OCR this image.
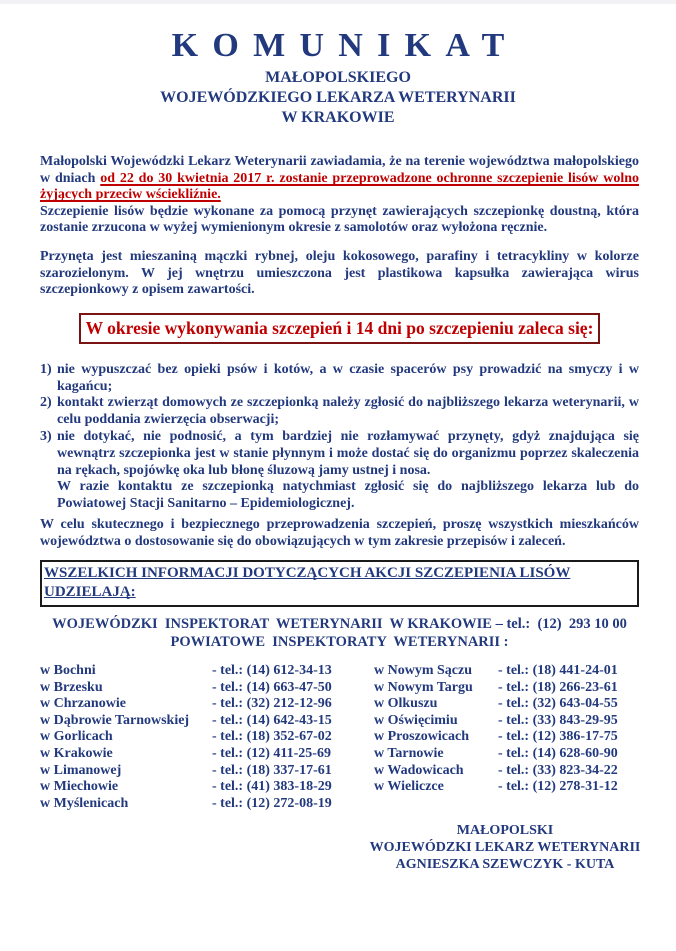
KOMUNIKAT
MAŁOPOLSKIEGO
WOJEWÓDZKIEGO LEKARZA WETERYNARII
W KRAKOWIE
Małopolski Wojewódzki Lekarz Weterynarii zawiadamia, że na terenie województwa małopolskiego w dniach od 22 do 30 kwietnia 2017 r. zostanie przeprowadzone ochronne szczepienie lisów wolno żyjących przeciw wściekliźnie.
Szczepienie lisów będzie wykonane za pomocą przynęt zawierających szczepionkę doustną, która zostanie zrzucona w wyżej wymienionym okresie z samolotów oraz wyłożona ręcznie.

Przynęta jest mieszaniną mączki rybnej, oleju kokosowego, parafiny i tetracykliny w kolorze szarozielonym. W jej wnętrzu umieszczona jest plastikowa kapsułka zawierająca wirus szczepionkowy z opisem zawartości.

W okresie wykonywania szczepień i 14 dni po szczepieniu zaleca się:
1) nie wypuszczać bez opieki psów i kotów, a w czasie spacerów psy prowadzić na smyczy i w kagańcu;
2) kontakt zwierząt domowych ze szczepionką należy zgłosić do najbliższego lekarza weterynarii, w celu poddania zwierzęcia obserwacji;
3) nie dotykać, nie podnosić, a tym bardziej nie rozłamywać przynęty, gdyż znajdująca się wewnątrz szczepionka jest w stanie płynnym i może dostać się do organizmu poprzez skaleczenia na rękach, spojówkę oka lub błonę śluzową jamy ustnej i nosa.
W razie kontaktu ze szczepionką natychmiast zgłosić się do najbliższego lekarza lub do Powiatowej Stacji Sanitarno – Epidemiologicznej.

W celu skutecznego i bezpiecznego przeprowadzenia szczepień, proszę wszystkich mieszkańców województwa o dostosowanie się do obowiązujących w tym zakresie przepisów i zaleceń.

WSZELKICH INFORMACJI DOTYCZĄCYCH AKCJI SZCZEPIENIA LISÓW UDZIELAJĄ:
WOJEWÓDZKI  INSPEKTORAT  WETERYNARII  W KRAKOWIE – tel.:  (12)  293 10 00
POWIATOWE  INSPEKTORATY  WETERYNARII :
w Bochni	- tel.: (14) 612-34-13
w Brzesku	- tel.: (14) 663-47-50
w Chrzanowie	- tel.: (32) 212-12-96
w Dąbrowie Tarnowskiej	- tel.: (14) 642-43-15
w Gorlicach	- tel.: (18) 352-67-02
w Krakowie	- tel.: (12) 411-25-69
w Limanowej	- tel.: (18) 337-17-61
w Miechowie	- tel.: (41) 383-18-29
w Myślenicach	- tel.: (12) 272-08-19
w Nowym Sączu	- tel.: (18) 441-24-01
w Nowym Targu	- tel.: (18) 266-23-61
w Olkuszu	- tel.: (32) 643-04-55
w Oświęcimiu	- tel.: (33) 843-29-95
w Proszowicach	- tel.: (12) 386-17-75
w Tarnowie	- tel.: (14) 628-60-90
w Wadowicach	- tel.: (33) 823-34-22
w Wieliczce	- tel.: (12) 278-31-12
MAŁOPOLSKI
WOJEWÓDZKI LEKARZ WETERYNARII
AGNIESZKA SZEWCZYK - KUTA
